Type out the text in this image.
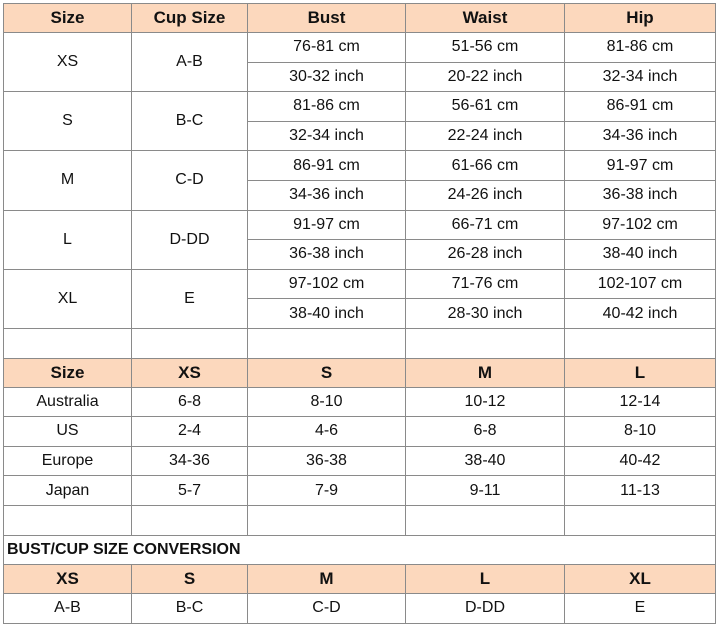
Size	Cup Size	Bust	Waist	Hip
XS	A-B	76-81 cm	51-56 cm	81-86 cm
		30-32 inch	20-22 inch	32-34 inch
S	B-C	81-86 cm	56-61 cm	86-91 cm
		32-34 inch	22-24 inch	34-36 inch
M	C-D	86-91 cm	61-66 cm	91-97 cm
		34-36 inch	24-26 inch	36-38 inch
L	D-DD	91-97 cm	66-71 cm	97-102 cm
		36-38 inch	26-28 inch	38-40 inch
XL	E	97-102 cm	71-76 cm	102-107 cm
		38-40 inch	28-30 inch	40-42 inch

Size	XS	S	M	L
Australia	6-8	8-10	10-12	12-14
US	2-4	4-6	6-8	8-10
Europe	34-36	36-38	38-40	40-42
Japan	5-7	7-9	9-11	11-13

BUST/CUP SIZE CONVERSION				
XS	S	M	L	XL
A-B	B-C	C-D	D-DD	E
